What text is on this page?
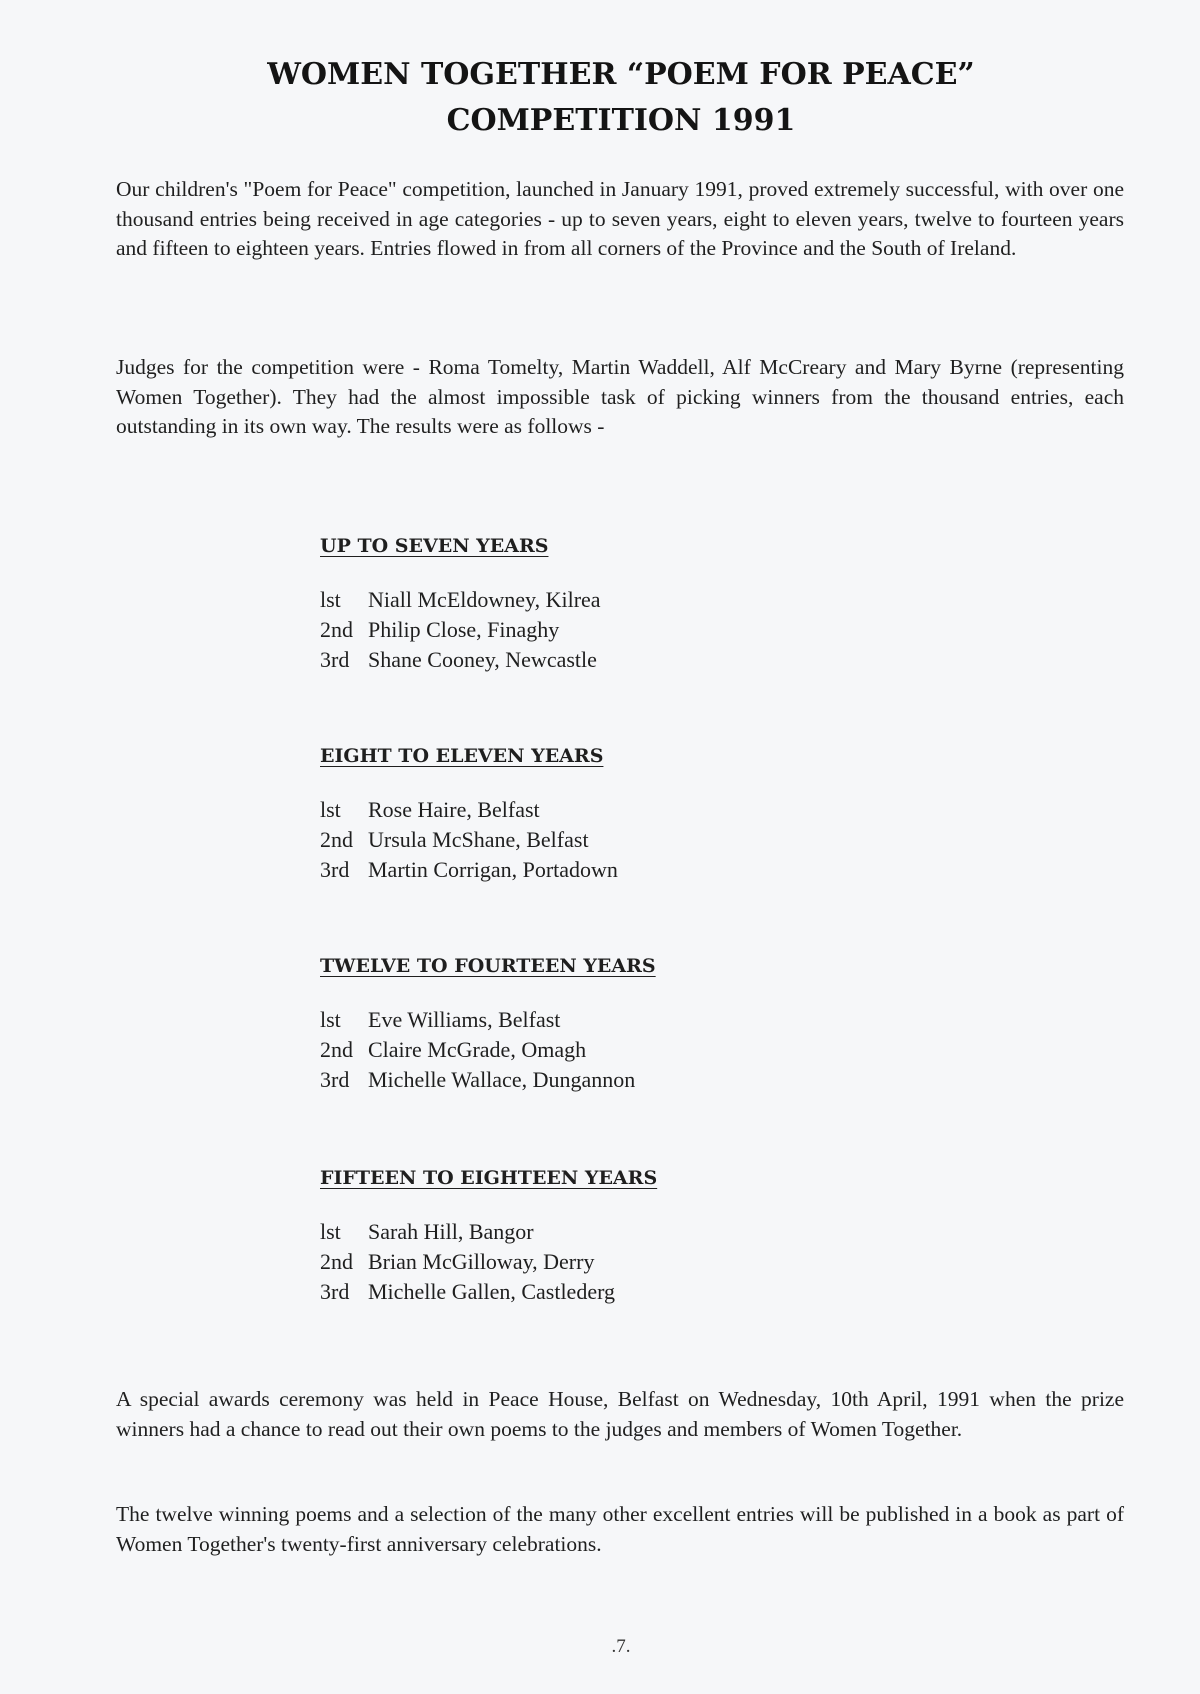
WOMEN TOGETHER “POEM FOR PEACE”
COMPETITION 1991

Our children's "Poem for Peace" competition, launched in January 1991, proved extremely successful, with over one thousand entries being received in age categories - up to seven years, eight to eleven years, twelve to fourteen years and fifteen to eighteen years. Entries flowed in from all corners of the Province and the South of Ireland.

Judges for the competition were - Roma Tomelty, Martin Waddell, Alf McCreary and Mary Byrne (representing Women Together). They had the almost impossible task of picking winners from the thousand entries, each outstanding in its own way. The results were as follows -

UP TO SEVEN YEARS

lst Niall McEldowney, Kilrea

2nd Philip Close, Finaghy

3rd Shane Cooney, Newcastle

EIGHT TO ELEVEN YEARS

lst Rose Haire, Belfast

2nd Ursula McShane, Belfast

3rd Martin Corrigan, Portadown

TWELVE TO FOURTEEN YEARS

lst Eve Williams, Belfast

2nd Claire McGrade, Omagh

3rd Michelle Wallace, Dungannon

FIFTEEN TO EIGHTEEN YEARS

lst Sarah Hill, Bangor

2nd Brian McGilloway, Derry

3rd Michelle Gallen, Castlederg

A special awards ceremony was held in Peace House, Belfast on Wednesday, 10th April, 1991 when the prize winners had a chance to read out their own poems to the judges and members of Women Together.

The twelve winning poems and a selection of the many other excellent entries will be published in a book as part of Women Together's twenty-first anniversary celebrations.

.7.
